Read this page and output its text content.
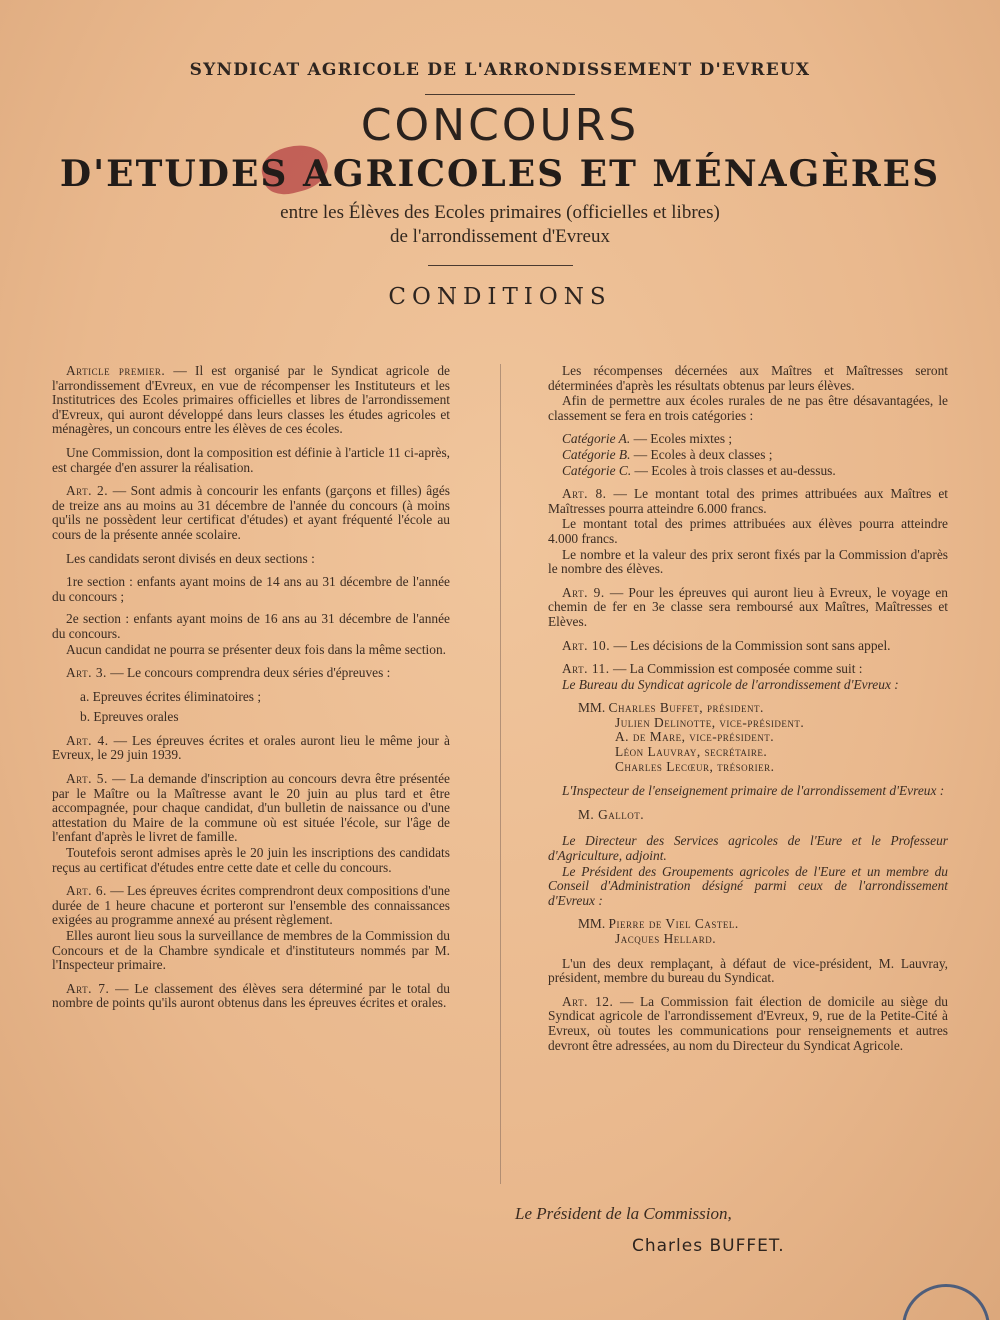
SYNDICAT AGRICOLE DE L'ARRONDISSEMENT D'EVREUX
CONCOURS
D'ETUDES AGRICOLES ET MÉNAGÈRES
entre les Élèves des Ecoles primaires (officielles et libres)
de l'arrondissement d'Evreux
CONDITIONS

Article premier. — Il est organisé par le Syndicat agricole de l'arrondissement d'Evreux, en vue de récompenser les Instituteurs et les Institutrices des Ecoles primaires officielles et libres de l'arrondissement d'Evreux, qui auront développé dans leurs classes les études agricoles et ménagères, un concours entre les élèves de ces écoles.

Une Commission, dont la composition est définie à l'article 11 ci-après, est chargée d'en assurer la réalisation.

Art. 2. — Sont admis à concourir les enfants (garçons et filles) âgés de treize ans au moins au 31 décembre de l'année du concours (à moins qu'ils ne possèdent leur certificat d'études) et ayant fréquenté l'école au cours de la présente année scolaire.

Les candidats seront divisés en deux sections :

1re section : enfants ayant moins de 14 ans au 31 décembre de l'année du concours ;

2e section : enfants ayant moins de 16 ans au 31 décembre de l'année du concours.

Aucun candidat ne pourra se présenter deux fois dans la même section.

Art. 3. — Le concours comprendra deux séries d'épreuves :

a. Epreuves écrites éliminatoires ;
b. Epreuves orales

Art. 4. — Les épreuves écrites et orales auront lieu le même jour à Evreux, le 29 juin 1939.

Art. 5. — La demande d'inscription au concours devra être présentée par le Maître ou la Maîtresse avant le 20 juin au plus tard et être accompagnée, pour chaque candidat, d'un bulletin de naissance ou d'une attestation du Maire de la commune où est située l'école, sur l'âge de l'enfant d'après le livret de famille.

Toutefois seront admises après le 20 juin les inscriptions des candidats reçus au certificat d'études entre cette date et celle du concours.

Art. 6. — Les épreuves écrites comprendront deux compositions d'une durée de 1 heure chacune et porteront sur l'ensemble des connaissances exigées au programme annexé au présent règlement.

Elles auront lieu sous la surveillance de membres de la Commission du Concours et de la Chambre syndicale et d'instituteurs nommés par M. l'Inspecteur primaire.

Art. 7. — Le classement des élèves sera déterminé par le total du nombre de points qu'ils auront obtenus dans les épreuves écrites et orales.

Les récompenses décernées aux Maîtres et Maîtresses seront déterminées d'après les résultats obtenus par leurs élèves.

Afin de permettre aux écoles rurales de ne pas être désavantagées, le classement se fera en trois catégories :

Catégorie A. — Ecoles mixtes ;
Catégorie B. — Ecoles à deux classes ;
Catégorie C. — Ecoles à trois classes et au-dessus.

Art. 8. — Le montant total des primes attribuées aux Maîtres et Maîtresses pourra atteindre 6.000 francs.

Le montant total des primes attribuées aux élèves pourra atteindre 4.000 francs.

Le nombre et la valeur des prix seront fixés par la Commission d'après le nombre des élèves.

Art. 9. — Pour les épreuves qui auront lieu à Evreux, le voyage en chemin de fer en 3e classe sera remboursé aux Maîtres, Maîtresses et Elèves.

Art. 10. — Les décisions de la Commission sont sans appel.

Art. 11. — La Commission est composée comme suit :

Le Bureau du Syndicat agricole de l'arrondissement d'Evreux :

MM. Charles Buffet, président.
Julien Delinotte, vice-président.
A. de Mare, vice-président.
Léon Lauvray, secrétaire.
Charles Lecœur, trésorier.

L'Inspecteur de l'enseignement primaire de l'arrondissement d'Evreux :

M. Gallot.

Le Directeur des Services agricoles de l'Eure et le Professeur d'Agriculture, adjoint.

Le Président des Groupements agricoles de l'Eure et un membre du Conseil d'Administration désigné parmi ceux de l'arrondissement d'Evreux :

MM. Pierre de Viel Castel.
Jacques Hellard.

L'un des deux remplaçant, à défaut de vice-président, M. Lauvray, président, membre du bureau du Syndicat.

Art. 12. — La Commission fait élection de domicile au siège du Syndicat agricole de l'arrondissement d'Evreux, 9, rue de la Petite-Cité à Evreux, où toutes les communications pour renseignements et autres devront être adressées, au nom du Directeur du Syndicat Agricole.

Le Président de la Commission,
Charles BUFFET.
